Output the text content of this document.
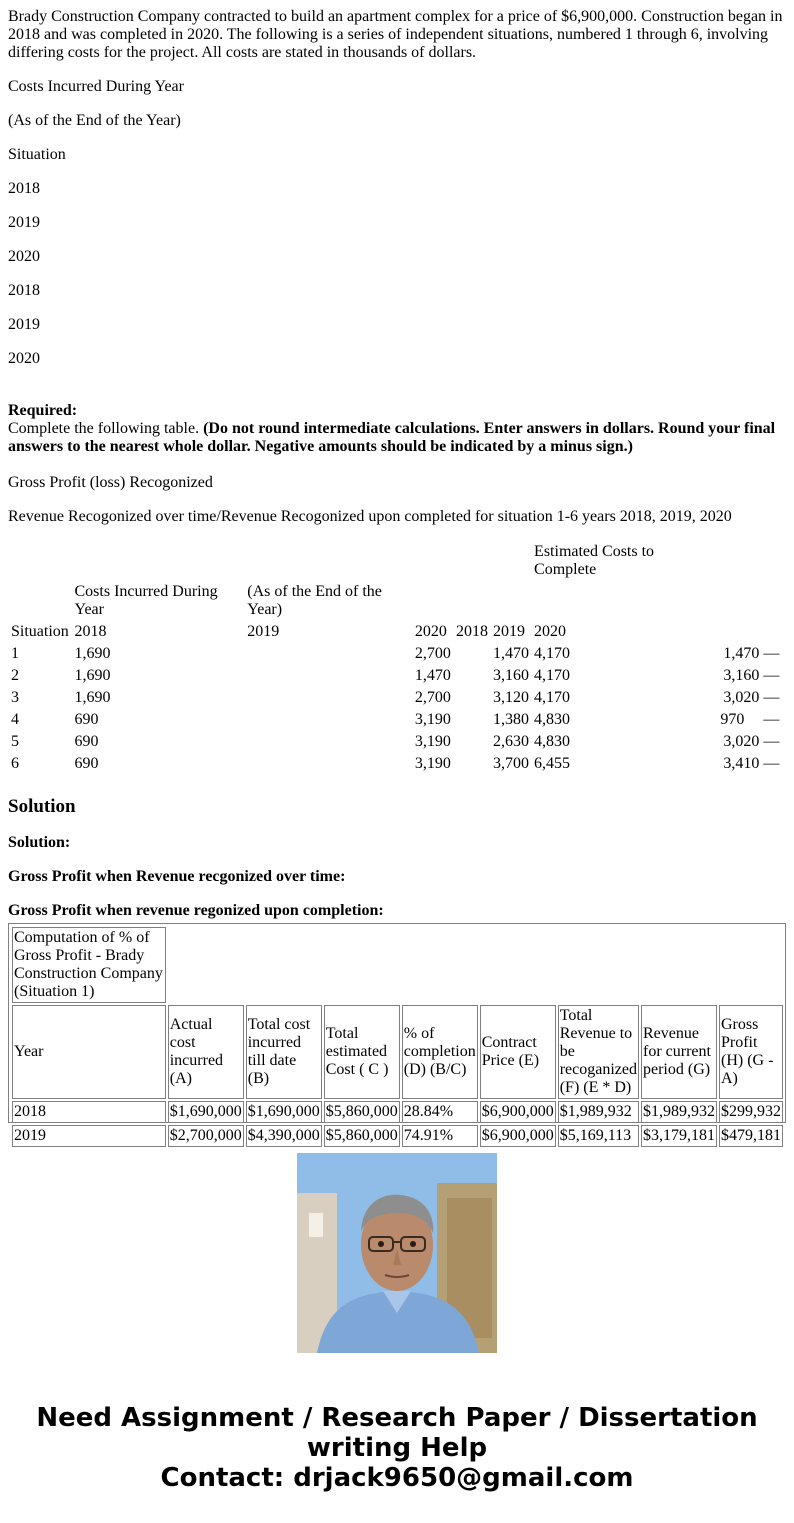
Brady Construction Company contracted to build an apartment complex for a price of $6,900,000. Construction began in 2018 and was completed in 2020. The following is a series of independent situations, numbered 1 through 6, involving differing costs for the project. All costs are stated in thousands of dollars.

Costs Incurred During Year

(As of the End of the Year)

Situation

2018

2019

2020

2018

2019

2020

Required:
Complete the following table. (Do not round intermediate calculations. Enter answers in dollars. Round your final answers to the nearest whole dollar. Negative amounts should be indicated by a minus sign.)

Gross Profit (loss) Recogonized

Revenue Recogonized over time/Revenue Recogonized upon completed for situation 1-6 years 2018, 2019, 2020

						Estimated Costs to Complete		
	Costs Incurred During Year	(As of the End of the Year)						
Situation	2018	2019	2020	2018	2019	2020		
1	1,690		2,700		1,470	4,170	1,470	—
2	1,690		1,470		3,160	4,170	3,160	—
3	1,690		2,700		3,120	4,170	3,020	—
4	690		3,190		1,380	4,830	970	—
5	690		3,190		2,630	4,830	3,020	—
6	690		3,190		3,700	6,455	3,410	—
Solution

Solution:

Gross Profit when Revenue recgonized over time:

Gross Profit when revenue regonized upon completion:

Computation of % of Gross Profit - Brady Construction Company (Situation 1)								
Year	Actual cost incurred (A)	Total cost incurred till date (B)	Total estimated Cost ( C )	% of completion (D) (B/C)	Contract Price (E)	Total Revenue to be recoganized (F) (E * D)	Revenue for current period (G)	Gross Profit (H) (G - A)
2018	$1,690,000	$1,690,000	$5,860,000	28.84%	$6,900,000	$1,989,932	$1,989,932	$299,932
2019	$2,700,000	$4,390,000	$5,860,000	74.91%	$6,900,000	$5,169,113	$3,179,181	$479,181
Need Assignment / Research Paper / Dissertation
writing Help
Contact: drjack9650@gmail.com
